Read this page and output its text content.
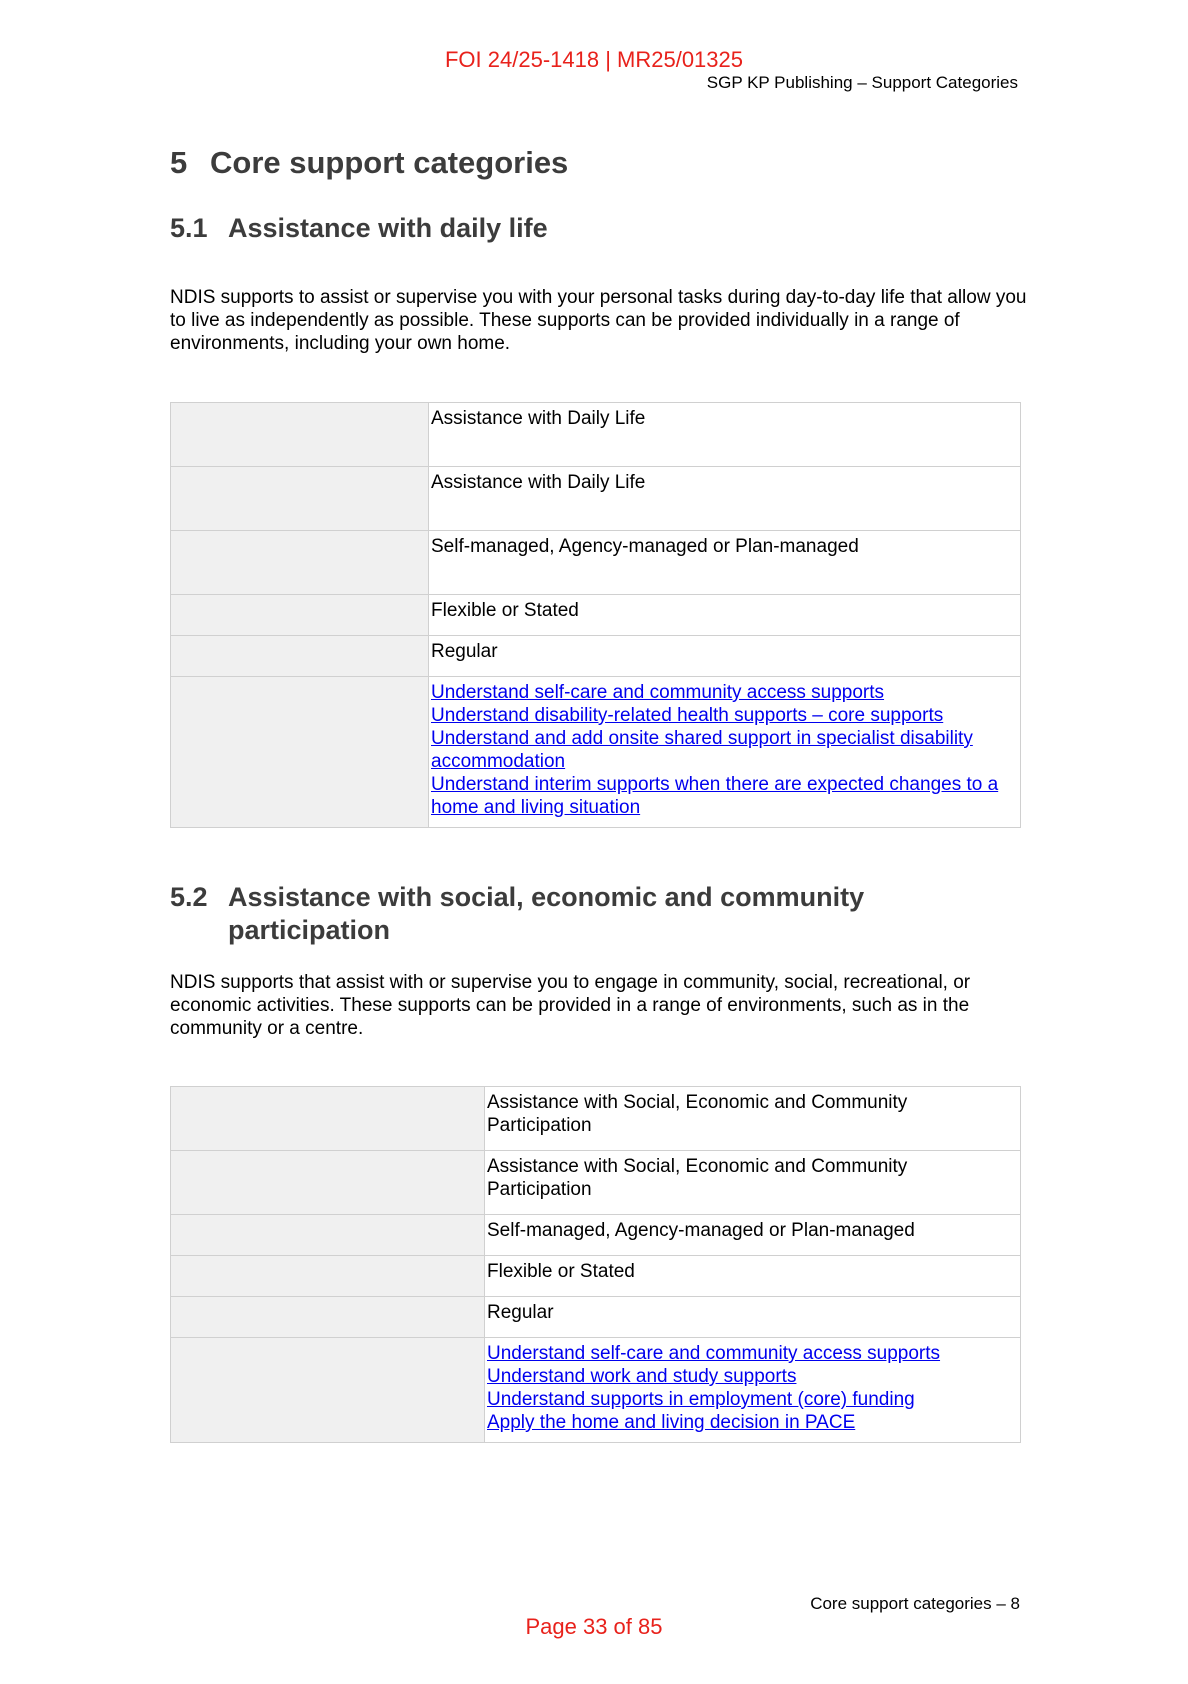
FOI 24/25-1418 | MR25/01325
SGP KP Publishing – Support Categories
5 Core support categories
5.1 Assistance with daily life

NDIS supports to assist or supervise you with your personal tasks during day-to-day life that allow you to live as independently as possible. These supports can be provided individually in a range of environments, including your own home.

	Assistance with Daily Life
	Assistance with Daily Life
	Self-managed, Agency-managed or Plan-managed
	Flexible or Stated
	Regular

	Understand self-care and community access supports
Understand disability-related health supports – core supports
Understand and add onsite shared support in specialist disability accommodation
Understand interim supports when there are expected changes to a home and living situation
5.2 Assistance with social, economic and community
participation

NDIS supports that assist with or supervise you to engage in community, social, recreational, or economic activities. These supports can be provided in a range of environments, such as in the community or a centre.

	Assistance with Social, Economic and Community Participation
	Assistance with Social, Economic and Community Participation
	Self-managed, Agency-managed or Plan-managed
	Flexible or Stated
	Regular

	Understand self-care and community access supports
Understand work and study supports
Understand supports in employment (core) funding
Apply the home and living decision in PACE
Core support categories – 8
Page 33 of 85
